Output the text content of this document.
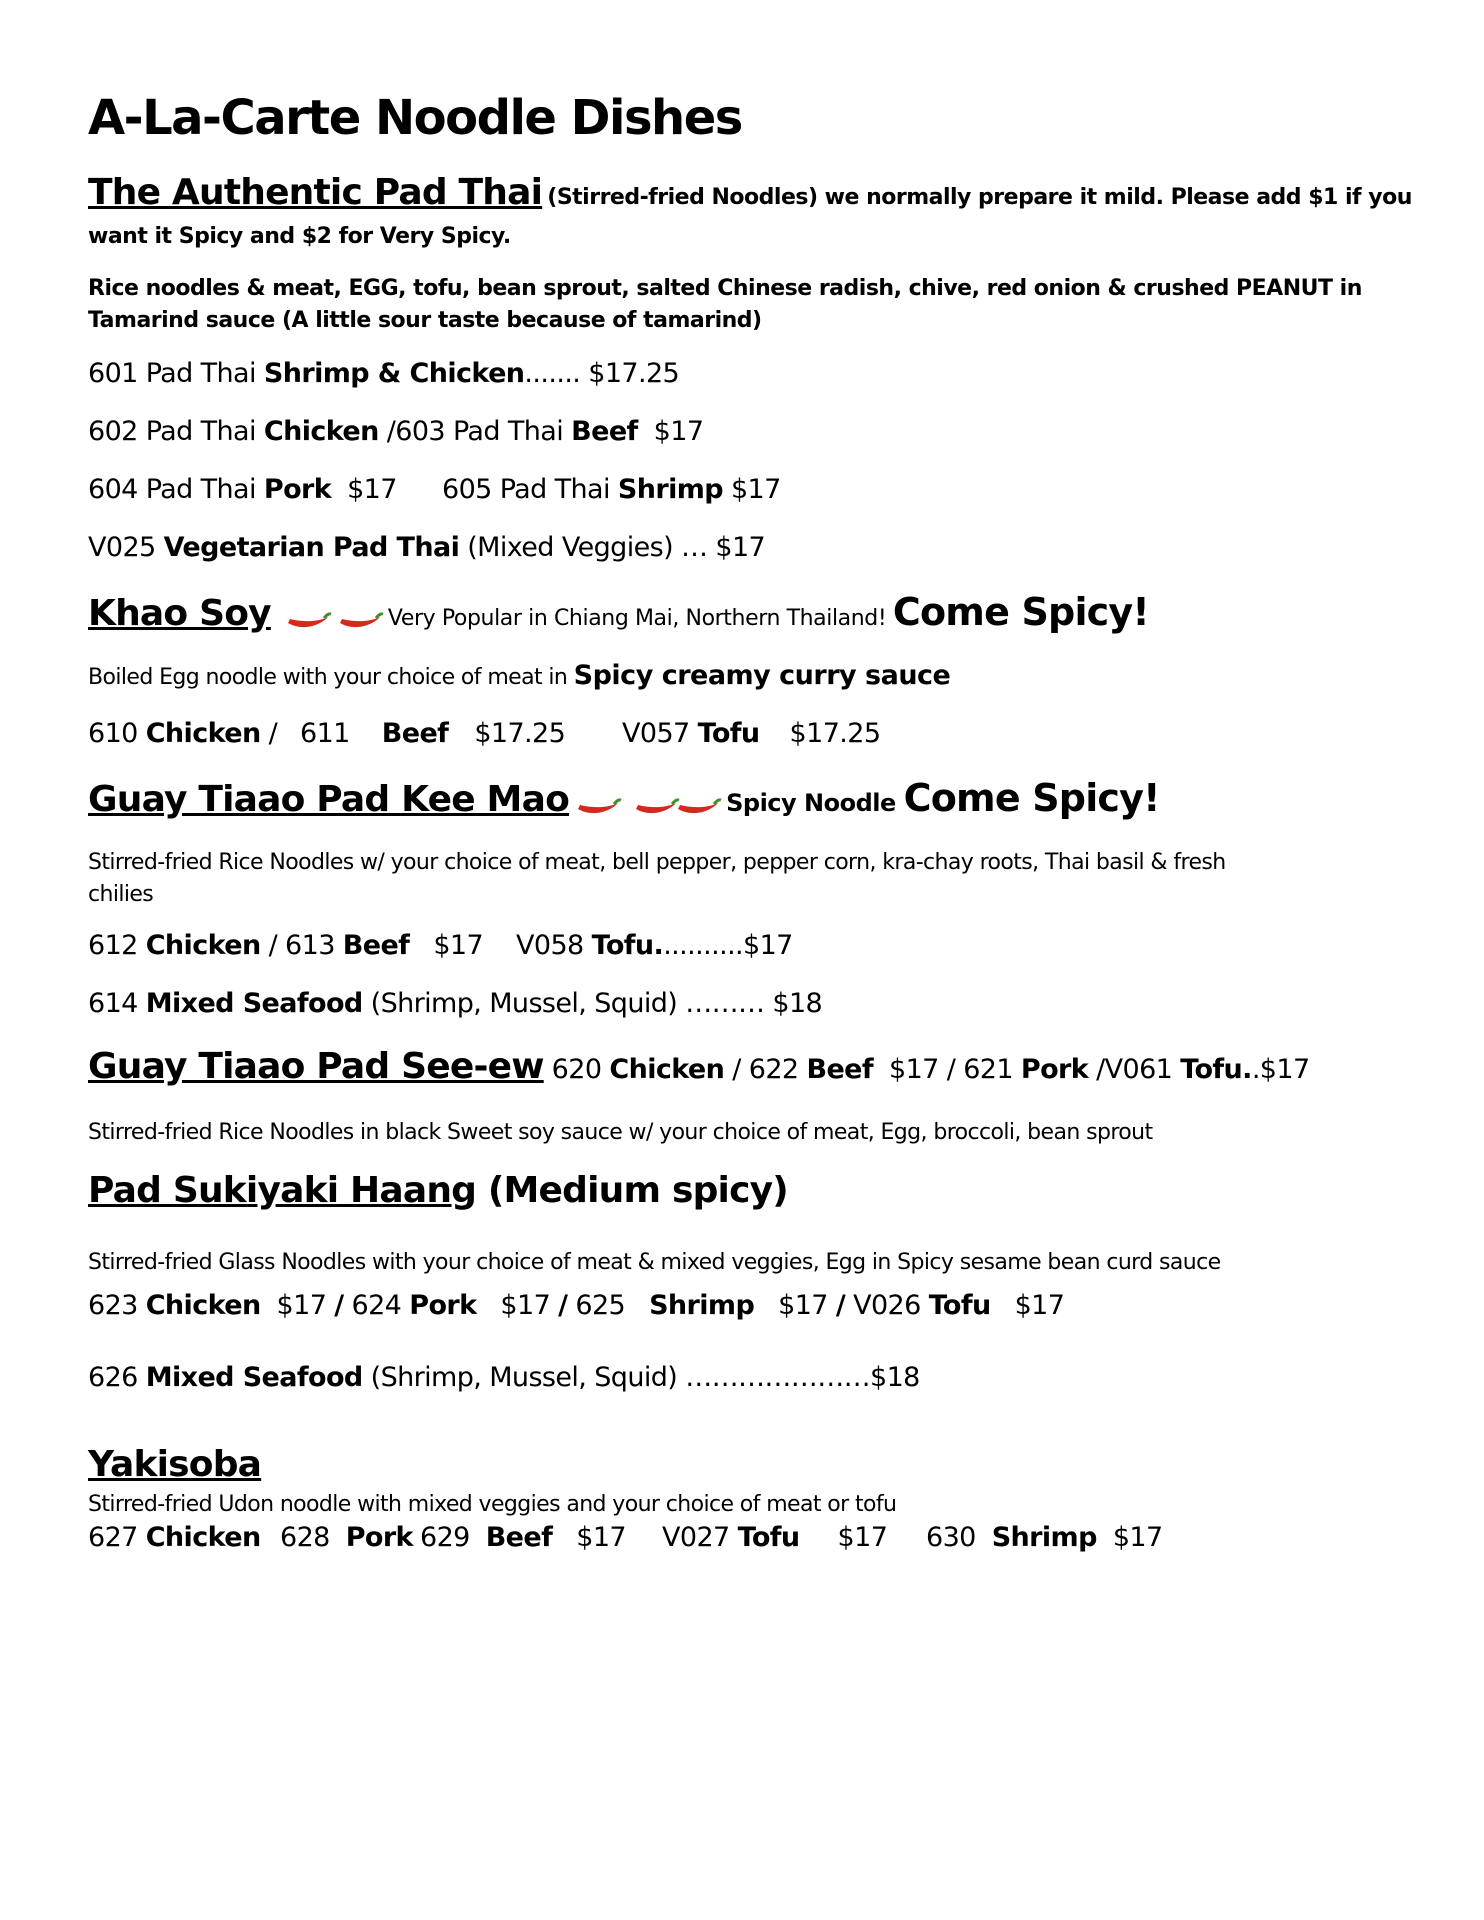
A-La-Carte Noodle Dishes
The Authentic Pad Thai (Stirred-fried Noodles) we normally prepare it mild. Please add $1 if you
want it Spicy and $2 for Very Spicy.
Rice noodles & meat, EGG, tofu, bean sprout, salted Chinese radish, chive, red onion & crushed PEANUT in
Tamarind sauce (A little sour taste because of tamarind)
601 Pad Thai Shrimp & Chicken....... $17.25
602 Pad Thai Chicken /603 Pad Thai Beef  $17
604 Pad Thai Pork  $17 605 Pad Thai Shrimp $17
V025 Vegetarian Pad Thai (Mixed Veggies) … $17
Khao Soy	Very Popular in Chiang Mai, Northern Thailand! Come Spicy!
Boiled Egg noodle with your choice of meat in Spicy creamy curry sauce
610 Chicken / 611 Beef $17.25 V057 Tofu $17.25
Guay Tiaao Pad Kee Mao	Spicy Noodle Come Spicy!
Stirred-fried Rice Noodles w/ your choice of meat, bell pepper, pepper corn, kra-chay roots, Thai basil & fresh
chilies
612 Chicken / 613 Beef $17 V058 Tofu...........$17
614 Mixed Seafood (Shrimp, Mussel, Squid) ……… $18
Guay Tiaao Pad See-ew 620 Chicken / 622 Beef  $17 / 621 Pork /V061 Tofu..$17
Stirred-fried Rice Noodles in black Sweet soy sauce w/ your choice of meat, Egg, broccoli, bean sprout
Pad Sukiyaki Haang (Medium spicy)
Stirred-fried Glass Noodles with your choice of meat & mixed veggies, Egg in Spicy sesame bean curd sauce
623 Chicken  $17 / 624 Pork   $17 / 625   Shrimp   $17 / V026 Tofu   $17
626 Mixed Seafood (Shrimp, Mussel, Squid) …………………$18
Yakisoba
Stirred-fried Udon noodle with mixed veggies and your choice of meat or tofu
627 Chicken 628  Pork 629  Beef $17 V027 Tofu $17 630  Shrimp $17
